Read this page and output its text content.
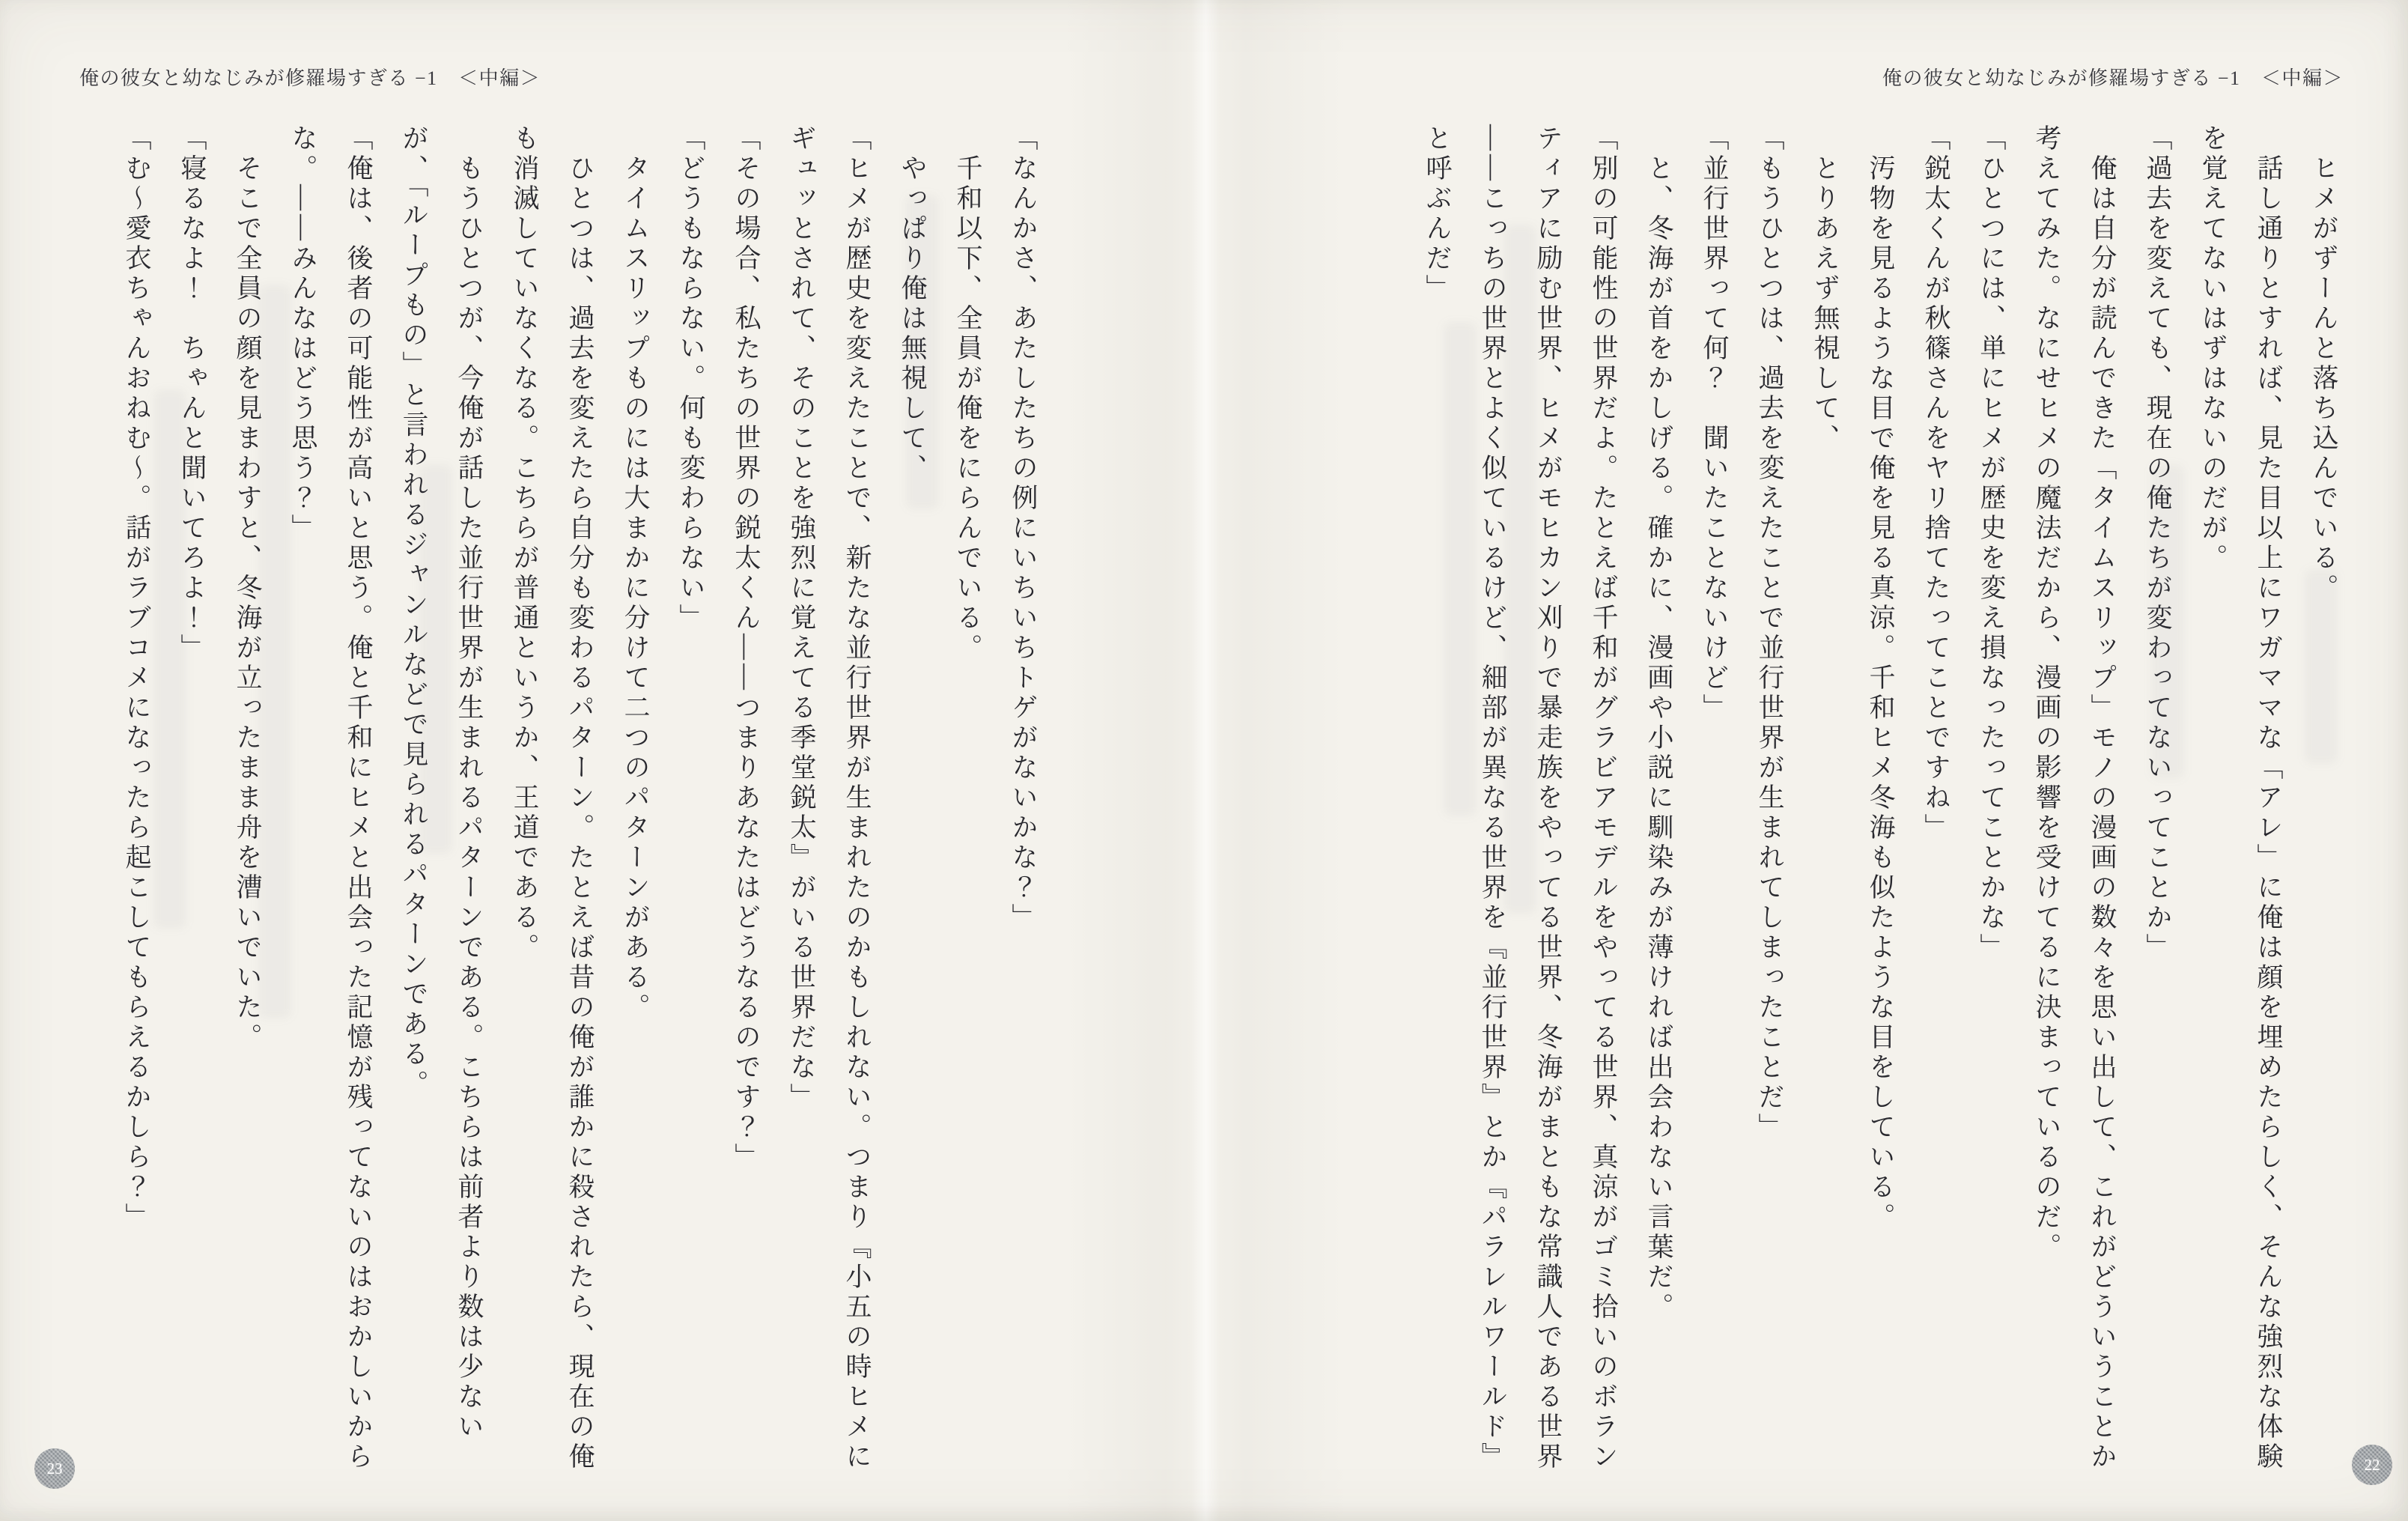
俺の彼女と幼なじみが修羅場すぎる −1　＜中編＞

「なんかさ、あたしたちの例にいちいちトゲがないかな？」

　千和以下、全員が俺をにらんでいる。

　やっぱり俺は無視して、

「ヒメが歴史を変えたことで、新たな並行世界が生まれたのかもしれない。つまり『小五の時ヒメにギュッとされて、そのことを強烈に覚えてる季堂鋭太』がいる世界だな」

「その場合、私たちの世界の鋭太くん——つまりあなたはどうなるのです？」

「どうもならない。何も変わらない」

　タイムスリップものには大まかに分けて二つのパターンがある。

　ひとつは、過去を変えたら自分も変わるパターン。たとえば昔の俺が誰かに殺されたら、現在の俺も消滅していなくなる。こちらが普通というか、王道である。

　もうひとつが、今俺が話した並行世界が生まれるパターンである。こちらは前者より数は少ないが、「ループもの」と言われるジャンルなどで見られるパターンである。

「俺は、後者の可能性が高いと思う。俺と千和にヒメと出会った記憶が残ってないのはおかしいからな。——みんなはどう思う？」

　そこで全員の顔を見まわすと、冬海が立ったまま舟を漕いでいた。

「寝るなよ！　ちゃんと聞いてろよ！」

「む〜愛衣ちゃんおねむ〜。話がラブコメになったら起こしてもらえるかしら？」

23
俺の彼女と幼なじみが修羅場すぎる −1　＜中編＞

　ヒメがずーんと落ち込んでいる。

　話し通りとすれば、見た目以上にワガママな「アレ」に俺は顔を埋めたらしく、そんな強烈な体験を覚えてないはずはないのだが。

「過去を変えても、現在の俺たちが変わってないってことか」

　俺は自分が読んできた「タイムスリップ」モノの漫画の数々を思い出して、これがどういうことか考えてみた。なにせヒメの魔法だから、漫画の影響を受けてるに決まっているのだ。

「ひとつには、単にヒメが歴史を変え損なったってことかな」

「鋭太くんが秋篠さんをヤリ捨てたってことですね」

　汚物を見るような目で俺を見る真涼。千和ヒメ冬海も似たような目をしている。

　とりあえず無視して、

「もうひとつは、過去を変えたことで並行世界が生まれてしまったことだ」

「並行世界って何？　聞いたことないけど」

　と、冬海が首をかしげる。確かに、漫画や小説に馴染みが薄ければ出会わない言葉だ。

「別の可能性の世界だよ。たとえば千和がグラビアモデルをやってる世界、真涼がゴミ拾いのボランティアに励む世界、ヒメがモヒカン刈りで暴走族をやってる世界、冬海がまともな常識人である世界——こっちの世界とよく似ているけど、細部が異なる世界を『並行世界』とか『パラレルワールド』と呼ぶんだ」

22
